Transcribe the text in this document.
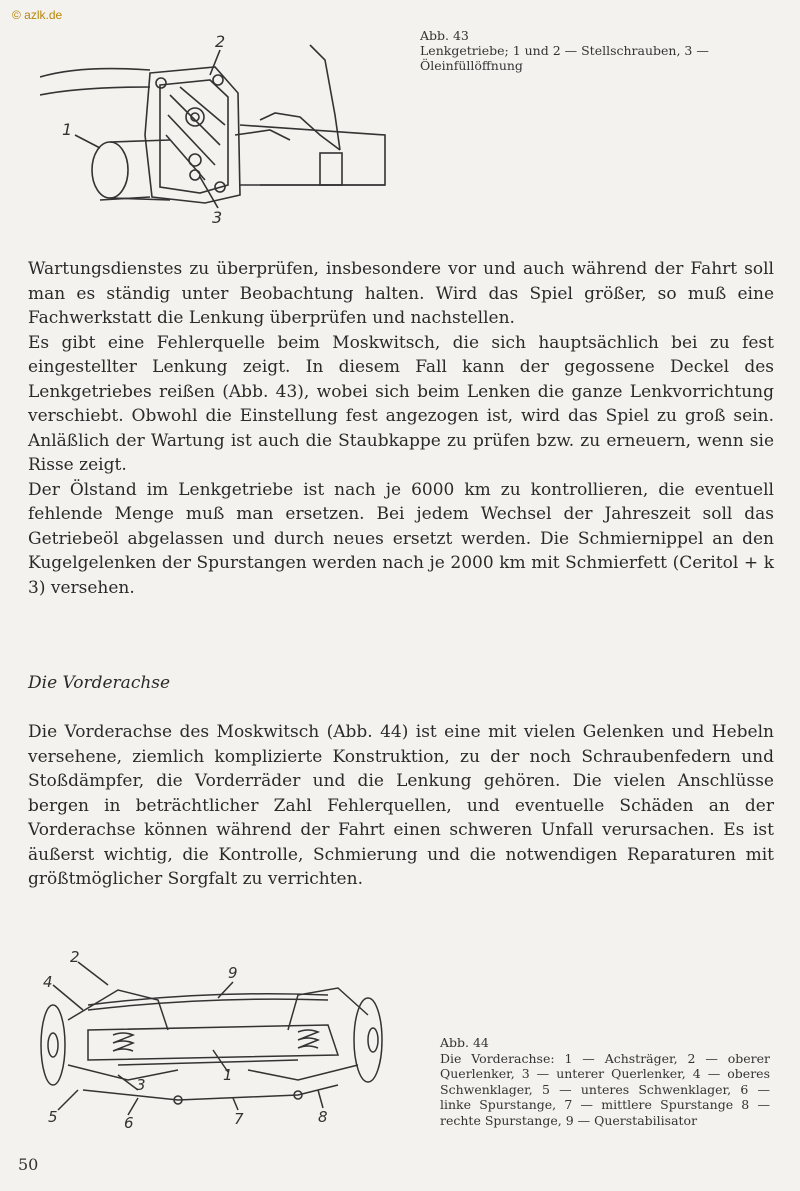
© azlk.de
1
2
3
Abb. 43
Lenkgetriebe; 1 und 2 — Stellschrauben, 3 — Öleinfüllöffnung

Wartungsdienstes zu überprüfen, insbesondere vor und auch während der Fahrt soll man es ständig unter Beobachtung halten. Wird das Spiel größer, so muß eine Fachwerkstatt die Lenkung überprüfen und nachstellen.

Es gibt eine Fehlerquelle beim Moskwitsch, die sich hauptsächlich bei zu fest eingestellter Lenkung zeigt. In diesem Fall kann der gegossene Deckel des Lenkgetriebes reißen (Abb. 43), wobei sich beim Lenken die ganze Lenkvorrichtung verschiebt. Obwohl die Einstellung fest angezogen ist, wird das Spiel zu groß sein. Anläßlich der Wartung ist auch die Staubkappe zu prüfen bzw. zu erneuern, wenn sie Risse zeigt.

Der Ölstand im Lenkgetriebe ist nach je 6000 km zu kontrollieren, die eventuell fehlende Menge muß man ersetzen. Bei jedem Wechsel der Jahreszeit soll das Getriebeöl abgelassen und durch neues ersetzt werden. Die Schmiernippel an den Kugelgelenken der Spurstangen werden nach je 2000 km mit Schmierfett (Ceritol + k 3) versehen.

Die Vorderachse

Die Vorderachse des Moskwitsch (Abb. 44) ist eine mit vielen Gelenken und Hebeln versehene, ziemlich komplizierte Konstruktion, zu der noch Schraubenfedern und Stoßdämpfer, die Vorderräder und die Lenkung gehören. Die vielen Anschlüsse bergen in beträchtlicher Zahl Fehlerquellen, und eventuelle Schäden an der Vorderachse können während der Fahrt einen schweren Unfall verursachen. Es ist äußerst wichtig, die Kontrolle, Schmierung und die notwendigen Reparaturen mit größtmöglicher Sorgfalt zu verrichten.

2
4	9
1
3
5	6	7	8
Abb. 44
Die Vorderachse: 1 — Achsträger, 2 — oberer Querlenker, 3 — unterer Querlenker, 4 — oberes Schwenklager, 5 — unteres Schwenklager, 6 — linke Spurstange, 7 — mittlere Spurstange 8 — rechte Spurstange, 9 — Querstabilisator
50
